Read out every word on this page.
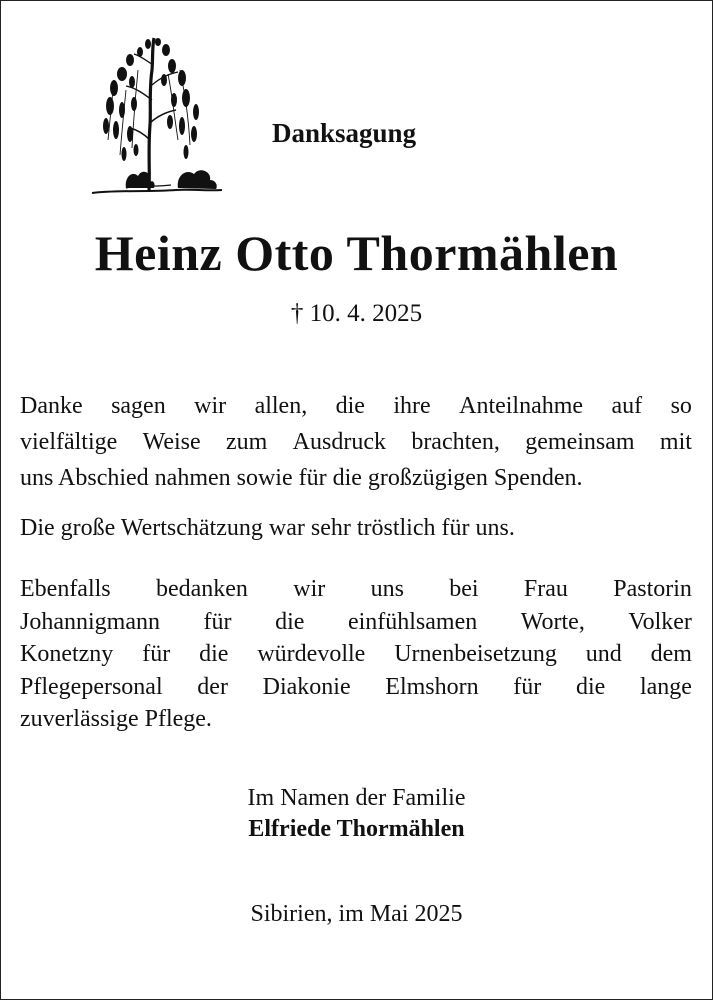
Danksagung
Heinz Otto Thormählen
† 10. 4. 2025
Danke sagen wir allen, die ihre Anteilnahme auf so
vielfältige Weise zum Ausdruck brachten, gemeinsam mit
uns Abschied nahmen sowie für die großzügigen Spenden.
Die große Wertschätzung war sehr tröstlich für uns.
Ebenfalls bedanken wir uns bei Frau Pastorin
Johannigmann für die einfühlsamen Worte, Volker
Konetzny für die würdevolle Urnenbeisetzung und dem
Pflegepersonal der Diakonie Elmshorn für die lange
zuverlässige Pflege.
Im Namen der Familie
Elfriede Thormählen
Sibirien, im Mai 2025
